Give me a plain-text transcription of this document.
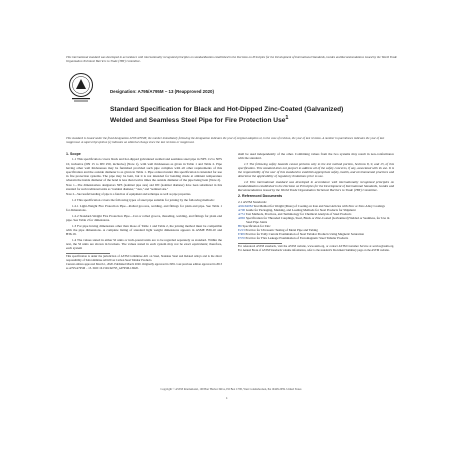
This international standard was developed in accordance with internationally recognized principles on standardization established in the Decision on Principles for the Development of International Standards, Guides and Recommendations issued by the World Trade Organization Technical Barriers to Trade (TBT) Committee.
Designation: A795/A795M − 13 (Reapproved 2020)
Standard Specification for Black and Hot-Dipped Zinc-Coated (Galvanized) Welded and Seamless Steel Pipe for Fire Protection Use$^1$
This standard is issued under the fixed designation A795/A795M; the number immediately following the designation indicates the year of original adoption or, in the case of revision, the year of last revision. A number in parentheses indicates the year of last reapproval. A superscript epsilon (ε) indicates an editorial change since the last revision or reapproval.
1. Scope

1.1 This specification covers black and hot-dipped galvanized welded and seamless steel pipe in NPS 1/2 to NPS 10, inclusive (DN 15 to DN 250, inclusive) (Note 1), with wall thicknesses as given in Table 1 and Table 2. Pipe having other wall thicknesses may be furnished provided such pipe complies with all other requirements of this specification and the outside diameter is as given in Table 1. Pipe ordered under this specification is intended for use in fire protection systems. The pipe may be bent, but it is not intended for bending made at ambient temperature wherein the inside diameter of the bend is less than twelve times the outside diameter of the pipe being bent (Note 2).

Note 1—The dimensionless designators NPS (nominal pipe size) and DN (nominal diameter) have been substituted in this standard for such traditional terms as "nominal diameter," "size," and "nominal size."

Note 2—Successful bending of pipe is a function of equipment and technique as well as pipe properties.

1.2 This specification covers the following types of steel pipe suitable for joining by the following methods:

1.2.1 Light-Weight Fire Protection Pipe—Rolled grooves, welding, and fittings for plain end pipe. See Table 1 for dimensions.

1.2.2 Standard-Weight Fire Protection Pipe—Cut or rolled groove, threading, welding, and fittings for plain end pipe. See Table 2 for dimensions.

1.3 For pipe having dimensions other than those of Table 1 and Table 2, the joining method must be compatible with the pipe dimensions. A complete listing of standard light weight dimensions appears in ASME B36.10 and B36.19.

1.4 The values stated in either SI units or inch-pound units are to be regarded separately as standard. Within the text, the SI units are shown in brackets. The values stated in each system may not be exact equivalents; therefore, each system

This specification is under the jurisdiction of ASTM Committee A01 on Steel, Stainless Steel and Related Alloys and is the direct responsibility of Subcommittee A01.09 on Carbon Steel Tubular Products.

Current edition approved March 1, 2020. Published March 2020. Originally approved in 1981. Last previous edition approved in 2013 as A795/A795M − 13. DOI: 10.1520/A0795_A0795M-13R20.

shall be used independently of the other. Combining values from the two systems may result in non-conformance with the standard.

1.5 The following safety hazards caveat pertains only to the test method portion, Sections 8, 9, and 13, of this specification. This standard does not purport to address all of the safety concerns, if any, associated with its use. It is the responsibility of the user of this standard to establish appropriate safety, health, and environmental practices and determine the applicability of regulatory limitations prior to use.

1.6 This international standard was developed in accordance with internationally recognized principles on standardization established in the Decision on Principles for the Development of International Standards, Guides and Recommendations issued by the World Trade Organization Technical Barriers to Trade (TBT) Committee.

2. Referenced Documents

2.1 ASTM Standards:

A90/A90M Test Method for Weight [Mass] of Coating on Iron and Steel Articles with Zinc or Zinc-Alloy Coatings

A700 Guide for Packaging, Marking, and Loading Methods for Steel Products for Shipment

A751 Test Methods, Practices, and Terminology for Chemical Analysis of Steel Products

A865 Specification for Threaded Couplings, Steel, Black or Zinc-Coated (Galvanized) Welded or Seamless, for Use in Steel Pipe Joints

B6 Specification for Zinc

E213 Practice for Ultrasonic Testing of Metal Pipe and Tubing

E309 Practice for Eddy Current Examination of Steel Tubular Products Using Magnetic Saturation

E570 Practice for Flux Leakage Examination of Ferromagnetic Steel Tubular Products

For referenced ASTM standards, visit the ASTM website, www.astm.org, or contact ASTM Customer Service at service@astm.org. For Annual Book of ASTM Standards volume information, refer to the standard's Document Summary page on the ASTM website.

Copyright © ASTM International, 100 Barr Harbor Drive, PO Box C700, West Conshohocken, PA 19428-2959. United States
1
